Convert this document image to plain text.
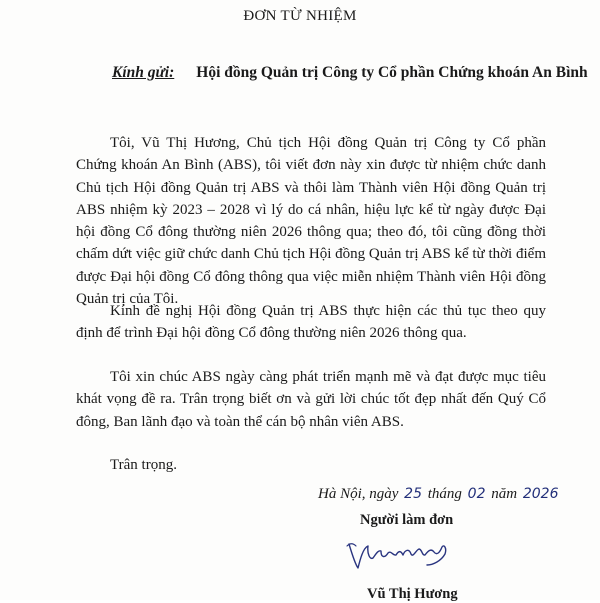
ĐƠN TỪ NHIỆM
Kính gửi: Hội đồng Quản trị Công ty Cổ phần Chứng khoán An Bình

Tôi, Vũ Thị Hương, Chủ tịch Hội đồng Quản trị Công ty Cổ phần Chứng khoán An Bình (ABS), tôi viết đơn này xin được từ nhiệm chức danh Chủ tịch Hội đồng Quản trị ABS và thôi làm Thành viên Hội đồng Quản trị ABS nhiệm kỳ 2023 – 2028 vì lý do cá nhân, hiệu lực kể từ ngày được Đại hội đồng Cổ đông thường niên 2026 thông qua; theo đó, tôi cũng đồng thời chấm dứt việc giữ chức danh Chủ tịch Hội đồng Quản trị ABS kể từ thời điểm được Đại hội đồng Cổ đông thông qua việc miễn nhiệm Thành viên Hội đồng Quản trị của Tôi.

Kính đề nghị Hội đồng Quản trị ABS thực hiện các thủ tục theo quy định để trình Đại hội đồng Cổ đông thường niên 2026 thông qua.

Tôi xin chúc ABS ngày càng phát triển mạnh mẽ và đạt được mục tiêu khát vọng đề ra. Trân trọng biết ơn và gửi lời chúc tốt đẹp nhất đến Quý Cổ đông, Ban lãnh đạo và toàn thể cán bộ nhân viên ABS.

Trân trọng.

Hà Nội, ngày 25 tháng 02 năm 2026
Người làm đơn
Vũ Thị Hương
